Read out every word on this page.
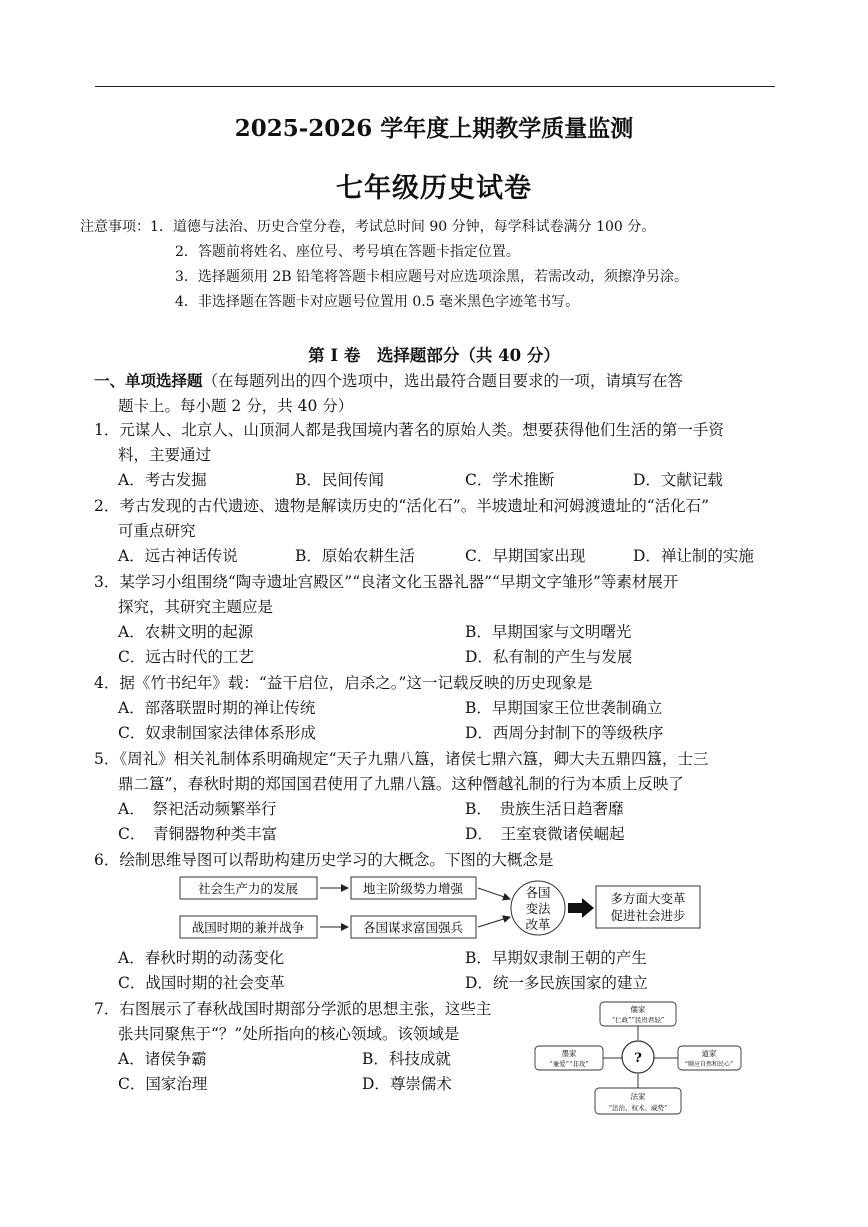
2025-2026 学年度上期教学质量监测
七年级历史试卷
注意事项：1．道德与法治、历史合堂分卷，考试总时间 90 分钟，每学科试卷满分 100 分。
2．答题前将姓名、座位号、考号填在答题卡指定位置。
3．选择题须用 2B 铅笔将答题卡相应题号对应选项涂黑，若需改动，须擦净另涂。
4．非选择题在答题卡对应题号位置用 0.5 毫米黑色字迹笔书写。
第 I 卷　选择题部分（共 40 分）
一、单项选择题（在每题列出的四个选项中，选出最符合题目要求的一项，请填写在答
题卡上。每小题 2 分，共 40 分）
1．元谋人、北京人、山顶洞人都是我国境内著名的原始人类。想要获得他们生活的第一手资
料，主要通过
A．考古发掘	B．民间传闻	C．学术推断	D．文献记载
2．考古发现的古代遗迹、遗物是解读历史的“活化石”。半坡遗址和河姆渡遗址的“活化石”
可重点研究
A．远古神话传说	B．原始农耕生活	C．早期国家出现	D．禅让制的实施
3．某学习小组围绕“陶寺遗址宫殿区”“良渚文化玉器礼器”“早期文字雏形”等素材展开
探究，其研究主题应是
A．农耕文明的起源	B．早期国家与文明曙光
C．远古时代的工艺	D．私有制的产生与发展
4．据《竹书纪年》载：“益干启位，启杀之。”这一记载反映的历史现象是
A．部落联盟时期的禅让传统	B．早期国家王位世袭制确立
C．奴隶制国家法律体系形成	D．西周分封制下的等级秩序
5．《周礼》相关礼制体系明确规定“天子九鼎八簋，诸侯七鼎六簋，卿大夫五鼎四簋，士三
鼎二簋”，春秋时期的郑国国君使用了九鼎八簋。这种僭越礼制的行为本质上反映了
A．　祭祀活动频繁举行	B．　贵族生活日趋奢靡
C．　青铜器物种类丰富	D．　王室衰微诸侯崛起
6．绘制思维导图可以帮助构建历史学习的大概念。下图的大概念是
社会生产力的发展
战国时期的兼并战争
地主阶级势力增强
各国谋求富国强兵
各国
变法
改革
多方面大变革
促进社会进步
A．春秋时期的动荡变化	B．早期奴隶制王朝的产生
C．战国时期的社会变革	D．统一多民族国家的建立
7．右图展示了春秋战国时期部分学派的思想主张，这些主
张共同聚焦于“？”处所指向的核心领域。该领域是
A．诸侯争霸	B．科技成就
C．国家治理	D．尊崇儒术
?
儒家
“仁政”“民贵君轻”
墨家
“兼爱”“非攻”
道家
“顺应自然和民心”
法家
“法治、权术、威势”
